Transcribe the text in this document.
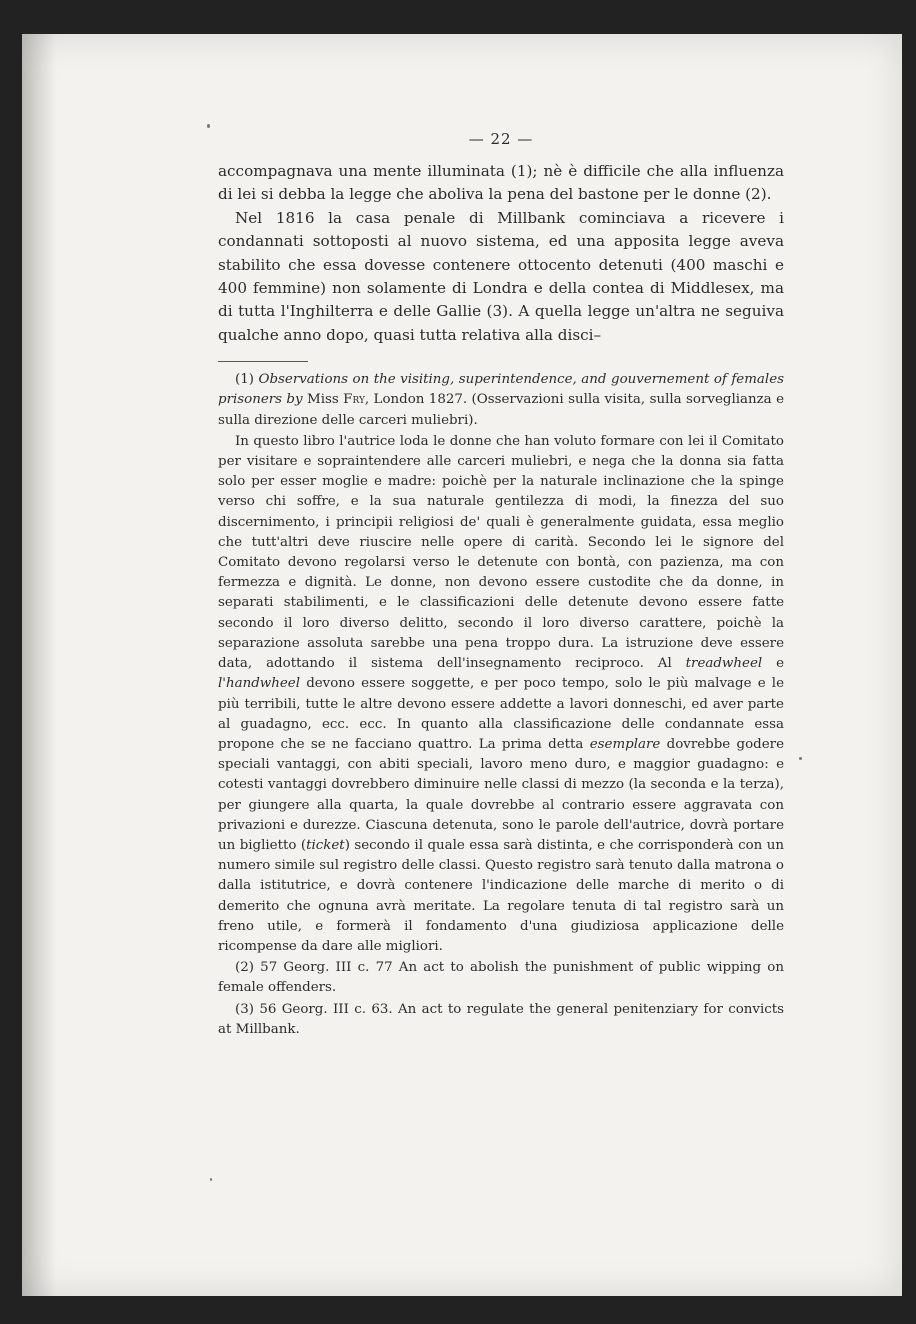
— 22 —

accompagnava una mente illuminata (1); nè è difficile che alla influenza di lei si debba la legge che aboliva la pena del bastone per le donne (2).

Nel 1816 la casa penale di Millbank cominciava a ricevere i condannati sottoposti al nuovo sistema, ed una apposita legge aveva stabilito che essa dovesse contenere ottocento detenuti (400 maschi e 400 femmine) non solamente di Londra e della contea di Middlesex, ma di tutta l'Inghilterra e delle Gallie (3). A quella legge un'altra ne seguiva qualche anno dopo, quasi tutta relativa alla disci–

(1) Observations on the visiting, superintendence, and gouvernement of females prisoners by Miss Fry, London 1827. (Osservazioni sulla visita, sulla sorveglianza e sulla direzione delle carceri muliebri).

In questo libro l'autrice loda le donne che han voluto formare con lei il Comitato per visitare e sopraintendere alle carceri muliebri, e nega che la donna sia fatta solo per esser moglie e madre: poichè per la naturale inclinazione che la spinge verso chi soffre, e la sua naturale gentilezza di modi, la finezza del suo discernimento, i principii religiosi de' quali è generalmente guidata, essa meglio che tutt'altri deve riuscire nelle opere di carità. Secondo lei le signore del Comitato devono regolarsi verso le detenute con bontà, con pazienza, ma con fermezza e dignità. Le donne, non devono essere custodite che da donne, in separati stabilimenti, e le classificazioni delle detenute devono essere fatte secondo il loro diverso delitto, secondo il loro diverso carattere, poichè la separazione assoluta sarebbe una pena troppo dura. La istruzione deve essere data, adottando il sistema dell'insegnamento reciproco. Al treadwheel e l'handwheel devono essere soggette, e per poco tempo, solo le più malvage e le più terribili, tutte le altre devono essere addette a lavori donneschi, ed aver parte al guadagno, ecc. ecc. In quanto alla classificazione delle condannate essa propone che se ne facciano quattro. La prima detta esemplare dovrebbe godere speciali vantaggi, con abiti speciali, lavoro meno duro, e maggior guadagno: e cotesti vantaggi dovrebbero diminuire nelle classi di mezzo (la seconda e la terza), per giungere alla quarta, la quale dovrebbe al contrario essere aggravata con privazioni e durezze. Ciascuna detenuta, sono le parole dell'autrice, dovrà portare un biglietto (ticket) secondo il quale essa sarà distinta, e che corrisponderà con un numero simile sul registro delle classi. Questo registro sarà tenuto dalla matrona o dalla istitutrice, e dovrà contenere l'indicazione delle marche di merito o di demerito che ognuna avrà meritate. La regolare tenuta di tal registro sarà un freno utile, e formerà il fondamento d'una giudiziosa applicazione delle ricompense da dare alle migliori.

(2) 57 Georg. III c. 77 An act to abolish the punishment of public wipping on female offenders.

(3) 56 Georg. III c. 63. An act to regulate the general penitenziary for convicts at Millbank.
